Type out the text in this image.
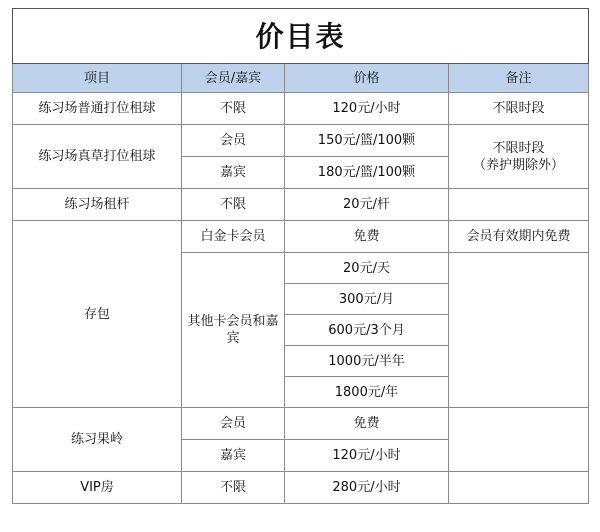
价目表			
项目	会员/嘉宾	价格	备注
练习场普通打位租球	不限	120元/小时	不限时段
练习场真草打位租球	会员	150元/篮/100颗	不限时段
（养护期除外）

	嘉宾	180元/篮/100颗	
练习场租杆	不限	20元/杆	
存包	白金卡会员	免费	会员有效期内免费
	其他卡会员和嘉宾	20元/天	
		300元/月	
		600元/3个月	
		1000元/半年	
		1800元/年	
练习果岭	会员	免费	
	嘉宾	120元/小时	
VIP房	不限	280元/小时	
